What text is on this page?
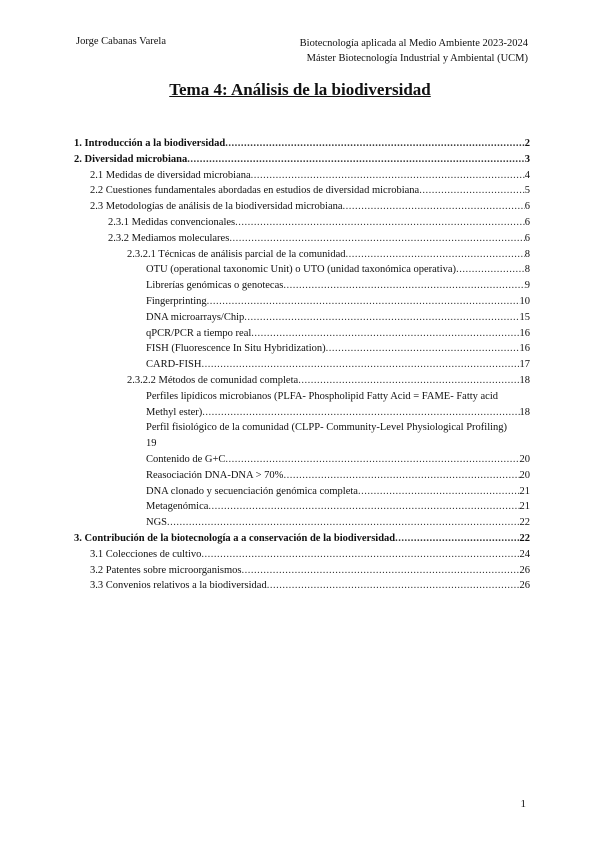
Jorge Cabanas Varela	Biotecnología aplicada al Medio Ambiente 2023-2024
Máster Biotecnología Industrial y Ambiental (UCM)
Tema 4: Análisis de la biodiversidad
1. Introducción a la biodiversidad .....	2
2. Diversidad microbiana .....	3
2.1 Medidas de diversidad microbiana .....	4
2.2 Cuestiones fundamentales abordadas en estudios de diversidad microbiana .....	5
2.3 Metodologías de análisis de la biodiversidad microbiana .....	6
2.3.1 Medidas convencionales .....	6
2.3.2 Mediamos moleculares .....	6
2.3.2.1 Técnicas de análisis parcial de la comunidad .....	8
OTU (operational taxonomic Unit) o UTO (unidad taxonómica operativa) .....	8
Librerías genómicas o genotecas .....	9
Fingerprinting .....	10
DNA microarrays/Chip .....	15
qPCR/PCR a tiempo real .....	16
FISH (Fluorescence In Situ Hybridization) .....	16
CARD-FISH .....	17
2.3.2.2 Métodos de comunidad completa .....	18
Perfiles lipídicos microbianos (PLFA- Phospholipid Fatty Acid = FAME- Fatty acid
Methyl ester) .....	18
Perfil fisiológico de la comunidad (CLPP- Community-Level Physiological Profiling)
19
Contenido de G+C .....	20
Reasociación DNA-DNA > 70% .....	20
DNA clonado y secuenciación genómica completa .....	21
Metagenómica .....	21
NGS .....	22
3. Contribución de la biotecnología a a conservación de la biodiversidad .....	22
3.1 Colecciones de cultivo .....	24
3.2 Patentes sobre microorganismos .....	26
3.3 Convenios relativos a la biodiversidad .....	26
1
